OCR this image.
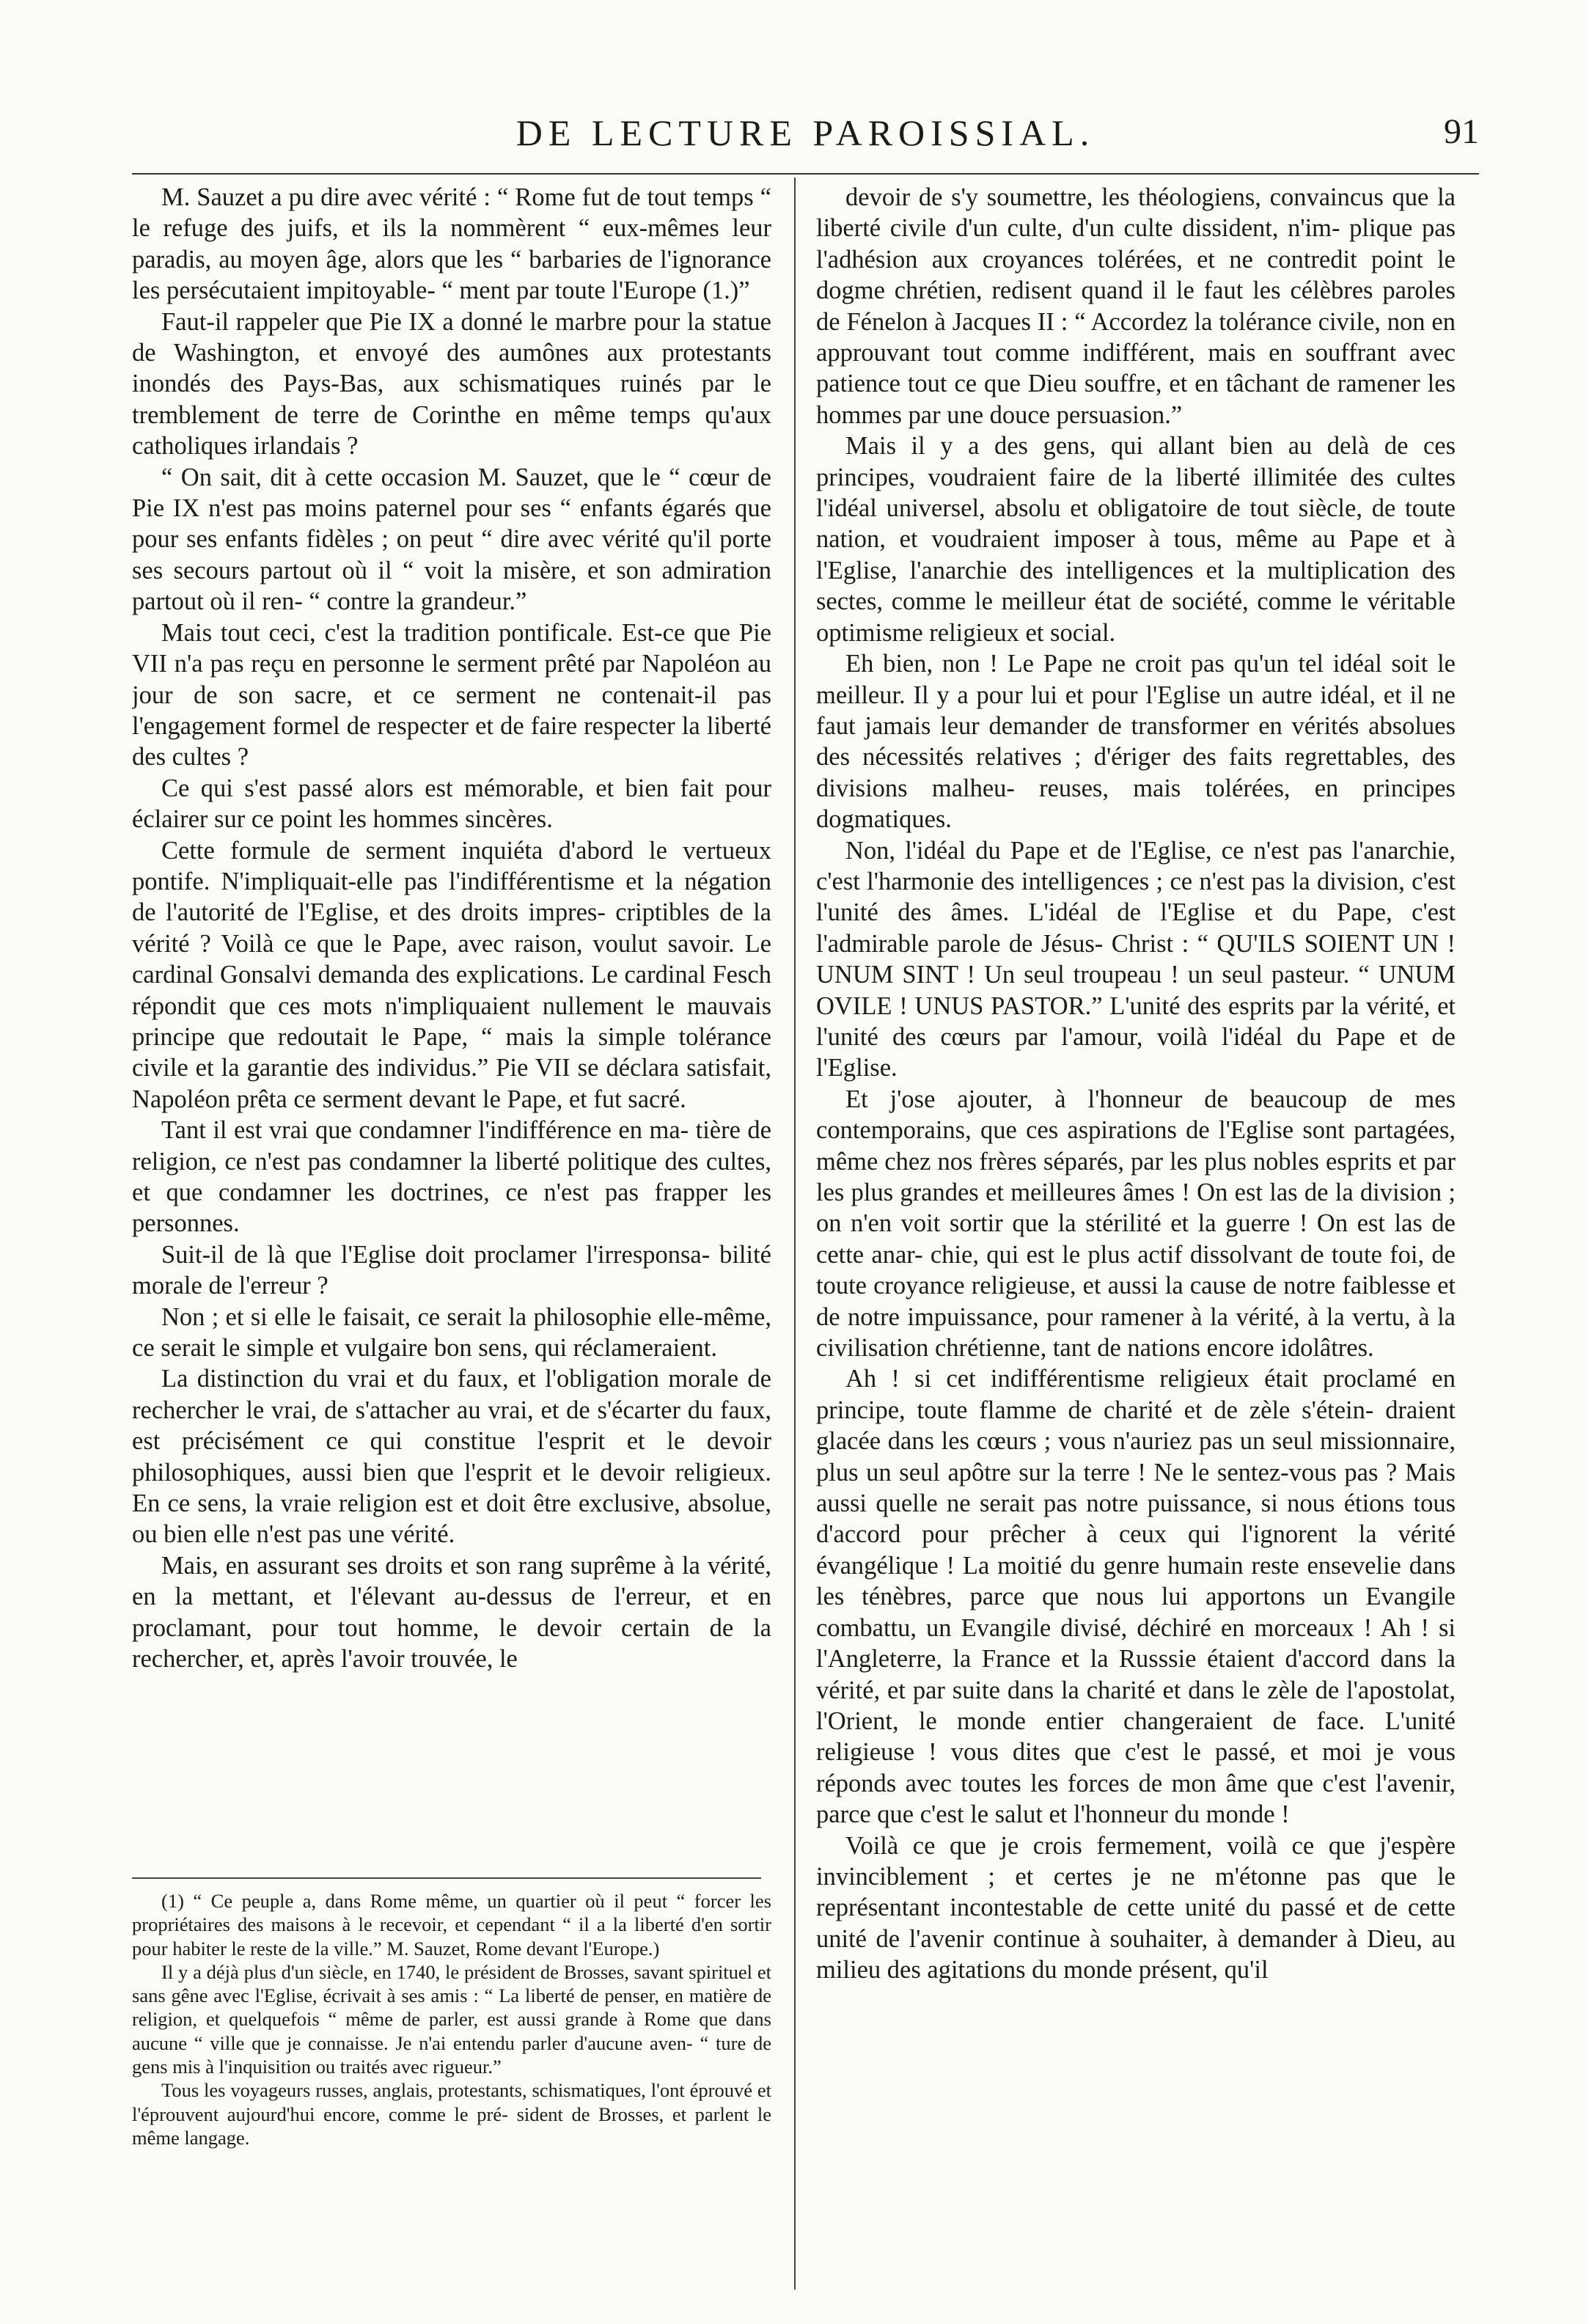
DE LECTURE PAROISSIAL.	91

M. Sauzet a pu dire avec vérité : “ Rome fut de tout temps “ le refuge des juifs, et ils la nommèrent “ eux-mêmes leur paradis, au moyen âge, alors que les “ barbaries de l'ignorance les persécutaient impitoyable- “ ment par toute l'Europe (1.)”

Faut-il rappeler que Pie IX a donné le marbre pour la statue de Washington, et envoyé des aumônes aux protestants inondés des Pays-Bas, aux schismatiques ruinés par le tremblement de terre de Corinthe en même temps qu'aux catholiques irlandais ?

“ On sait, dit à cette occasion M. Sauzet, que le “ cœur de Pie IX n'est pas moins paternel pour ses “ enfants égarés que pour ses enfants fidèles ; on peut “ dire avec vérité qu'il porte ses secours partout où il “ voit la misère, et son admiration partout où il ren- “ contre la grandeur.”

Mais tout ceci, c'est la tradition pontificale. Est-ce que Pie VII n'a pas reçu en personne le serment prêté par Napoléon au jour de son sacre, et ce serment ne contenait-il pas l'engagement formel de respecter et de faire respecter la liberté des cultes ?

Ce qui s'est passé alors est mémorable, et bien fait pour éclairer sur ce point les hommes sincères.

Cette formule de serment inquiéta d'abord le vertueux pontife. N'impliquait-elle pas l'indifférentisme et la négation de l'autorité de l'Eglise, et des droits impres- criptibles de la vérité ? Voilà ce que le Pape, avec raison, voulut savoir. Le cardinal Gonsalvi demanda des explications. Le cardinal Fesch répondit que ces mots n'impliquaient nullement le mauvais principe que redoutait le Pape, “ mais la simple tolérance civile et la garantie des individus.” Pie VII se déclara satisfait, Napoléon prêta ce serment devant le Pape, et fut sacré.

Tant il est vrai que condamner l'indifférence en ma- tière de religion, ce n'est pas condamner la liberté politique des cultes, et que condamner les doctrines, ce n'est pas frapper les personnes.

Suit-il de là que l'Eglise doit proclamer l'irresponsa- bilité morale de l'erreur ?

Non ; et si elle le faisait, ce serait la philosophie elle-même, ce serait le simple et vulgaire bon sens, qui réclameraient.

La distinction du vrai et du faux, et l'obligation morale de rechercher le vrai, de s'attacher au vrai, et de s'écarter du faux, est précisément ce qui constitue l'esprit et le devoir philosophiques, aussi bien que l'esprit et le devoir religieux. En ce sens, la vraie religion est et doit être exclusive, absolue, ou bien elle n'est pas une vérité.

Mais, en assurant ses droits et son rang suprême à la vérité, en la mettant, et l'élevant au-dessus de l'erreur, et en proclamant, pour tout homme, le devoir certain de la rechercher, et, après l'avoir trouvée, le

(1) “ Ce peuple a, dans Rome même, un quartier où il peut “ forcer les propriétaires des maisons à le recevoir, et cependant “ il a la liberté d'en sortir pour habiter le reste de la ville.” M. Sauzet, Rome devant l'Europe.)

Il y a déjà plus d'un siècle, en 1740, le président de Brosses, savant spirituel et sans gêne avec l'Eglise, écrivait à ses amis : “ La liberté de penser, en matière de religion, et quelquefois “ même de parler, est aussi grande à Rome que dans aucune “ ville que je connaisse. Je n'ai entendu parler d'aucune aven- “ ture de gens mis à l'inquisition ou traités avec rigueur.”

Tous les voyageurs russes, anglais, protestants, schismatiques, l'ont éprouvé et l'éprouvent aujourd'hui encore, comme le pré- sident de Brosses, et parlent le même langage.

devoir de s'y soumettre, les théologiens, convaincus que la liberté civile d'un culte, d'un culte dissident, n'im- plique pas l'adhésion aux croyances tolérées, et ne contredit point le dogme chrétien, redisent quand il le faut les célèbres paroles de Fénelon à Jacques II : “ Accordez la tolérance civile, non en approuvant tout comme indifférent, mais en souffrant avec patience tout ce que Dieu souffre, et en tâchant de ramener les hommes par une douce persuasion.”

Mais il y a des gens, qui allant bien au delà de ces principes, voudraient faire de la liberté illimitée des cultes l'idéal universel, absolu et obligatoire de tout siècle, de toute nation, et voudraient imposer à tous, même au Pape et à l'Eglise, l'anarchie des intelligences et la multiplication des sectes, comme le meilleur état de société, comme le véritable optimisme religieux et social.

Eh bien, non ! Le Pape ne croit pas qu'un tel idéal soit le meilleur. Il y a pour lui et pour l'Eglise un autre idéal, et il ne faut jamais leur demander de transformer en vérités absolues des nécessités relatives ; d'ériger des faits regrettables, des divisions malheu- reuses, mais tolérées, en principes dogmatiques.

Non, l'idéal du Pape et de l'Eglise, ce n'est pas l'anarchie, c'est l'harmonie des intelligences ; ce n'est pas la division, c'est l'unité des âmes. L'idéal de l'Eglise et du Pape, c'est l'admirable parole de Jésus- Christ : “ QU'ILS SOIENT UN ! UNUM SINT ! Un seul troupeau ! un seul pasteur. “ UNUM OVILE ! UNUS PASTOR.” L'unité des esprits par la vérité, et l'unité des cœurs par l'amour, voilà l'idéal du Pape et de l'Eglise.

Et j'ose ajouter, à l'honneur de beaucoup de mes contemporains, que ces aspirations de l'Eglise sont partagées, même chez nos frères séparés, par les plus nobles esprits et par les plus grandes et meilleures âmes ! On est las de la division ; on n'en voit sortir que la stérilité et la guerre ! On est las de cette anar- chie, qui est le plus actif dissolvant de toute foi, de toute croyance religieuse, et aussi la cause de notre faiblesse et de notre impuissance, pour ramener à la vérité, à la vertu, à la civilisation chrétienne, tant de nations encore idolâtres.

Ah ! si cet indifférentisme religieux était proclamé en principe, toute flamme de charité et de zèle s'étein- draient glacée dans les cœurs ; vous n'auriez pas un seul missionnaire, plus un seul apôtre sur la terre ! Ne le sentez-vous pas ? Mais aussi quelle ne serait pas notre puissance, si nous étions tous d'accord pour prêcher à ceux qui l'ignorent la vérité évangélique ! La moitié du genre humain reste ensevelie dans les ténèbres, parce que nous lui apportons un Evangile combattu, un Evangile divisé, déchiré en morceaux ! Ah ! si l'Angleterre, la France et la Russsie étaient d'accord dans la vérité, et par suite dans la charité et dans le zèle de l'apostolat, l'Orient, le monde entier changeraient de face. L'unité religieuse ! vous dites que c'est le passé, et moi je vous réponds avec toutes les forces de mon âme que c'est l'avenir, parce que c'est le salut et l'honneur du monde !

Voilà ce que je crois fermement, voilà ce que j'espère invinciblement ; et certes je ne m'étonne pas que le représentant incontestable de cette unité du passé et de cette unité de l'avenir continue à souhaiter, à demander à Dieu, au milieu des agitations du monde présent, qu'il
